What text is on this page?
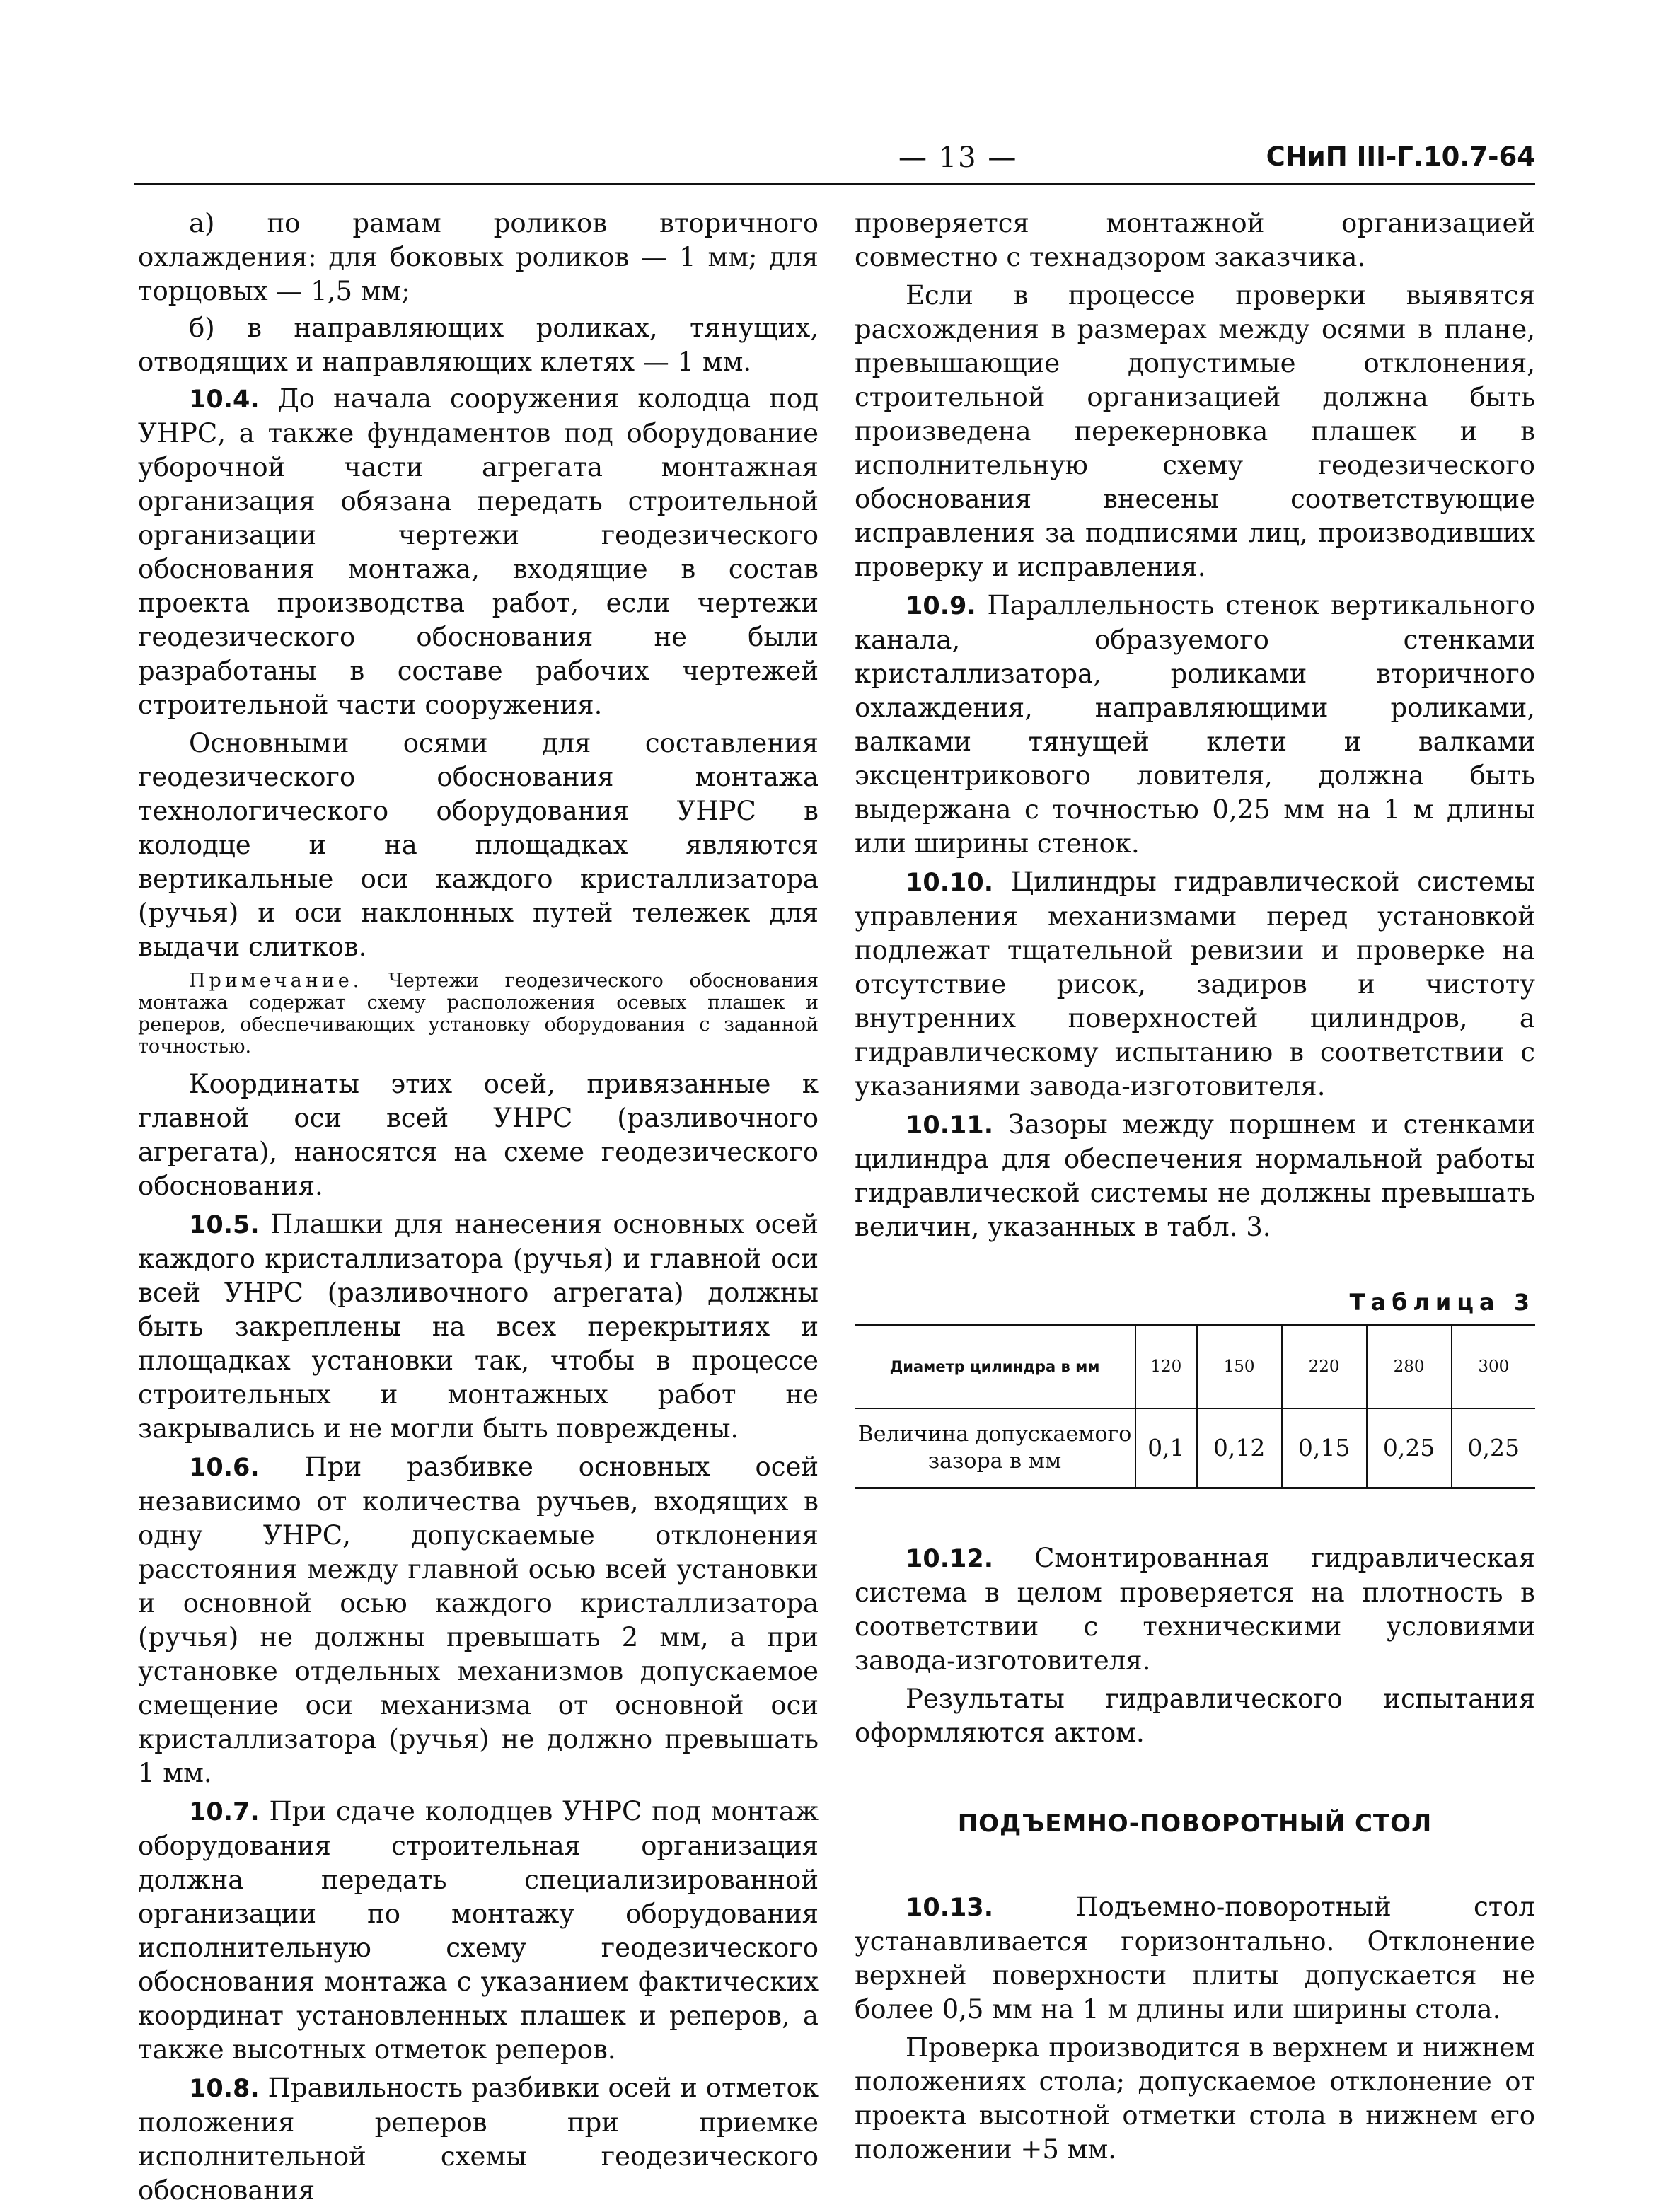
— 13 —	СНиП III-Г.10.7-64

а) по рамам роликов вторичного охлаждения: для боковых роликов — 1 мм; для торцовых — 1,5 мм;

б) в направляющих роликах, тянущих, отводящих и направляющих клетях — 1 мм.

10.4. До начала сооружения колодца под УНРС, а также фундаментов под оборудование уборочной части агрегата монтажная организация обязана передать строительной организации чертежи геодезического обоснования монтажа, входящие в состав проекта производства работ, если чертежи геодезического обоснования не были разработаны в составе рабочих чертежей строительной части сооружения.

Основными осями для составления геодезического обоснования монтажа технологического оборудования УНРС в колодце и на площадках являются вертикальные оси каждого кристаллизатора (ручья) и оси наклонных путей тележек для выдачи слитков.

Примечание. Чертежи геодезического обоснования монтажа содержат схему расположения осевых плашек и реперов, обеспечивающих установку оборудования с заданной точностью.

Координаты этих осей, привязанные к главной оси всей УНРС (разливочного агрегата), наносятся на схеме геодезического обоснования.

10.5. Плашки для нанесения основных осей каждого кристаллизатора (ручья) и главной оси всей УНРС (разливочного агрегата) должны быть закреплены на всех перекрытиях и площадках установки так, чтобы в процессе строительных и монтажных работ не закрывались и не могли быть повреждены.

10.6. При разбивке основных осей независимо от количества ручьев, входящих в одну УНРС, допускаемые отклонения расстояния между главной осью всей установки и основной осью каждого кристаллизатора (ручья) не должны превышать 2 мм, а при установке отдельных механизмов допускаемое смещение оси механизма от основной оси кристаллизатора (ручья) не должно превышать 1 мм.

10.7. При сдаче колодцев УНРС под монтаж оборудования строительная организация должна передать специализированной организации по монтажу оборудования исполнительную схему геодезического обоснования монтажа с указанием фактических координат установленных плашек и реперов, а также высотных отметок реперов.

10.8. Правильность разбивки осей и отметок положения реперов при приемке исполнительной схемы геодезического обоснования

проверяется монтажной организацией совместно с технадзором заказчика.

Если в процессе проверки выявятся расхождения в размерах между осями в плане, превышающие допустимые отклонения, строительной организацией должна быть произведена перекерновка плашек и в исполнительную схему геодезического обоснования внесены соответствующие исправления за подписями лиц, производивших проверку и исправления.

10.9. Параллельность стенок вертикального канала, образуемого стенками кристаллизатора, роликами вторичного охлаждения, направляющими роликами, валками тянущей клети и валками эксцентрикового ловителя, должна быть выдержана с точностью 0,25 мм на 1 м длины или ширины стенок.

10.10. Цилиндры гидравлической системы управления механизмами перед установкой подлежат тщательной ревизии и проверке на отсутствие рисок, задиров и чистоту внутренних поверхностей цилиндров, а гидравлическому испытанию в соответствии с указаниями завода-изготовителя.

10.11. Зазоры между поршнем и стенками цилиндра для обеспечения нормальной работы гидравлической системы не должны превышать величин, указанных в табл. 3.

Таблица 3
Диаметр цилиндра в мм	120	150	220	280	300
Величина допускаемого зазора в мм	0,1	0,12	0,15	0,25	0,25

10.12. Смонтированная гидравлическая система в целом проверяется на плотность в соответствии с техническими условиями завода-изготовителя.

Результаты гидравлического испытания оформляются актом.

ПОДЪЕМНО-ПОВОРОТНЫЙ СТОЛ

10.13.	Подъемно-поворотный стол устанавливается горизонтально. Отклонение верхней поверхности плиты допускается не более 0,5 мм на 1 м длины или ширины стола.

Проверка производится в верхнем и нижнем положениях стола; допускаемое отклонение от проекта высотной отметки стола в нижнем его положении +5 мм.
